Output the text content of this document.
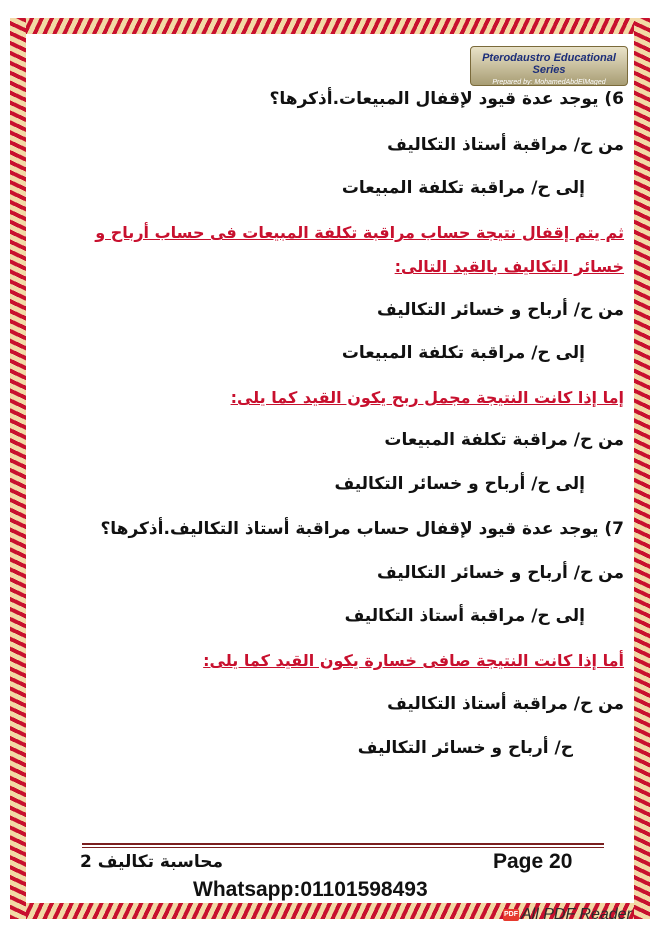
Pterodaustro Educational Series
Prepared by: MohamedAbdElMaged
6) يوجد عدة قيود لإقفال المبيعات.أذكرها؟
من ح/ مراقبة أستاذ التكاليف
إلى ح/ مراقبة تكلفة المبيعات
ثم يتم إقفال نتيجة حساب مراقبة تكلفة المبيعات فى حساب أرباح و
خسائر التكاليف بالقيد التالى:
من ح/ أرباح و خسائر التكاليف
إلى ح/ مراقبة تكلفة المبيعات
إما إذا كانت النتيجة مجمل ربح يكون القيد كما يلى:
من ح/ مراقبة تكلفة المبيعات
إلى ح/ أرباح و خسائر التكاليف
7) يوجد عدة قيود لإقفال حساب مراقبة أستاذ التكاليف.أذكرها؟
من ح/ أرباح و خسائر التكاليف
إلى ح/ مراقبة أستاذ التكاليف
أما إذا كانت النتيجة صافى خسارة يكون القيد كما يلى:
من ح/ مراقبة أستاذ التكاليف
ح/ أرباح و خسائر التكاليف
محاسبة تكاليف 2	Page 20
Whatsapp:01101598493
PDF All PDF Reader
